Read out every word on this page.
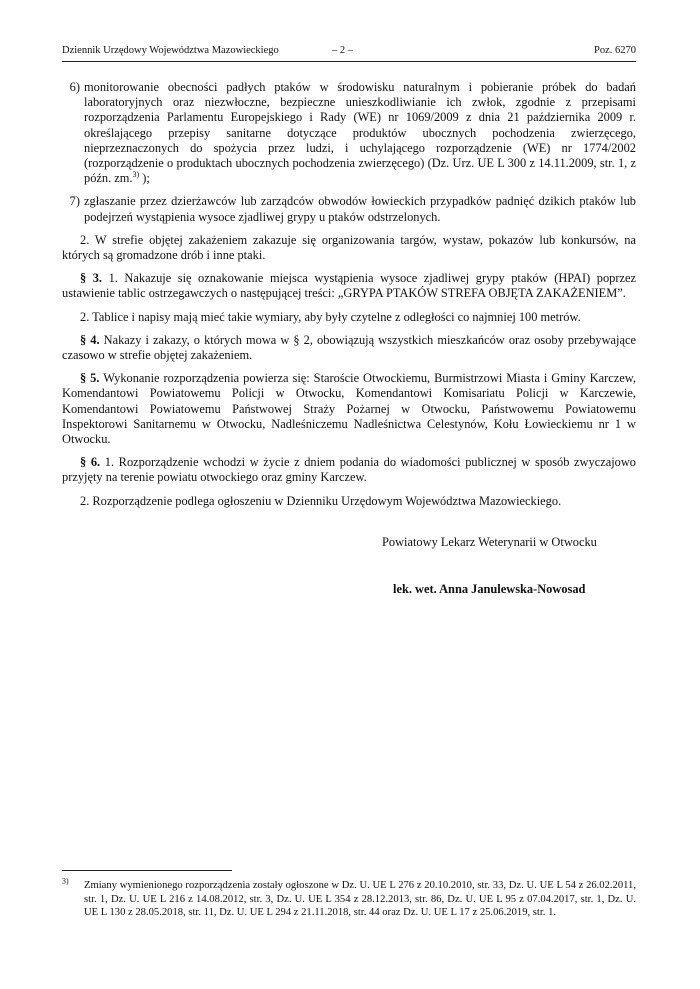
Dziennik Urzędowy Województwa Mazowieckiego	– 2 –	Poz. 6270
6) monitorowanie obecności padłych ptaków w środowisku naturalnym i pobieranie próbek do badań laboratoryjnych oraz niezwłoczne, bezpieczne unieszkodliwianie ich zwłok, zgodnie z przepisami rozporządzenia Parlamentu Europejskiego i Rady (WE) nr 1069/2009 z dnia 21 października 2009 r. określającego przepisy sanitarne dotyczące produktów ubocznych pochodzenia zwierzęcego, nieprzeznaczonych do spożycia przez ludzi, i uchylającego rozporządzenie (WE) nr 1774/2002 (rozporządzenie o produktach ubocznych pochodzenia zwierzęcego) (Dz. Urz. UE L 300 z 14.11.2009, str. 1, z późn. zm.$^{3)}$ );
7) zgłaszanie przez dzierżawców lub zarządców obwodów łowieckich przypadków padnięć dzikich ptaków lub podejrzeń wystąpienia wysoce zjadliwej grypy u ptaków odstrzelonych.

2. W strefie objętej zakażeniem zakazuje się organizowania targów, wystaw, pokazów lub konkursów, na których są gromadzone drób i inne ptaki.

§ 3. 1. Nakazuje się oznakowanie miejsca wystąpienia wysoce zjadliwej grypy ptaków (HPAI) poprzez ustawienie tablic ostrzegawczych o następującej treści: „GRYPA PTAKÓW STREFA OBJĘTA ZAKAŻENIEM”.

2. Tablice i napisy mają mieć takie wymiary, aby były czytelne z odległości co najmniej 100 metrów.

§ 4. Nakazy i zakazy, o których mowa w § 2, obowiązują wszystkich mieszkańców oraz osoby przebywające czasowo w strefie objętej zakażeniem.

§ 5. Wykonanie rozporządzenia powierza się: Staroście Otwockiemu, Burmistrzowi Miasta i Gminy Karczew, Komendantowi Powiatowemu Policji w Otwocku, Komendantowi Komisariatu Policji w Karczewie, Komendantowi Powiatowemu Państwowej Straży Pożarnej w Otwocku, Państwowemu Powiatowemu Inspektorowi Sanitarnemu w Otwocku, Nadleśniczemu Nadleśnictwa Celestynów, Kołu Łowieckiemu nr 1 w Otwocku.

§ 6. 1. Rozporządzenie wchodzi w życie z dniem podania do wiadomości publicznej w sposób zwyczajowo przyjęty na terenie powiatu otwockiego oraz gminy Karczew.

2. Rozporządzenie podlega ogłoszeniu w Dzienniku Urzędowym Województwa Mazowieckiego.

Powiatowy Lekarz Weterynarii w Otwocku
lek. wet. Anna Janulewska-Nowosad
$^{3)}$	Zmiany wymienionego rozporządzenia zostały ogłoszone w Dz. U. UE L 276 z 20.10.2010, str. 33, Dz. U. UE L 54 z 26.02.2011, str. 1, Dz. U. UE L 216 z 14.08.2012, str. 3, Dz. U. UE L 354 z 28.12.2013, str. 86, Dz. U. UE L 95 z 07.04.2017, str. 1, Dz. U. UE L 130 z 28.05.2018, str. 11, Dz. U. UE L 294 z 21.11.2018, str. 44 oraz Dz. U. UE L 17 z 25.06.2019, str. 1.
